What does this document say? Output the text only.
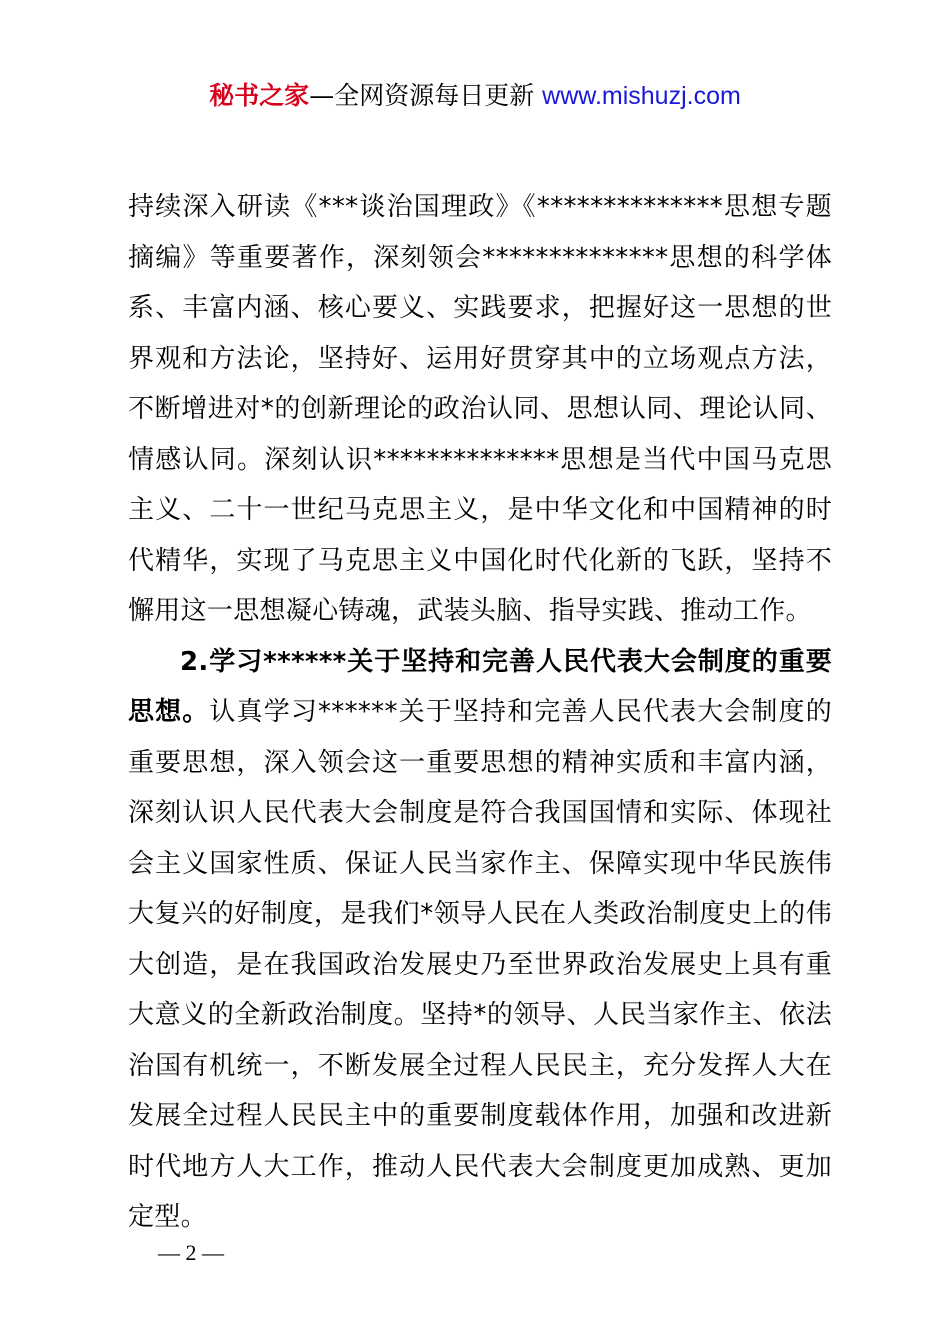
秘书之家—全网资源每日更新 www.mishuzj.com

持续深入研读《***谈治国理政》《**************思想专题摘编》等重要著作，深刻领会**************思想的科学体系、丰富内涵、核心要义、实践要求，把握好这一思想的世界观和方法论，坚持好、运用好贯穿其中的立场观点方法，不断增进对*的创新理论的政治认同、思想认同、理论认同、情感认同。深刻认识**************思想是当代中国马克思主义、二十一世纪马克思主义，是中华文化和中国精神的时代精华，实现了马克思主义中国化时代化新的飞跃，坚持不懈用这一思想凝心铸魂，武装头脑、指导实践、推动工作。

2.学习******关于坚持和完善人民代表大会制度的重要思想。认真学习******关于坚持和完善人民代表大会制度的重要思想，深入领会这一重要思想的精神实质和丰富内涵，深刻认识人民代表大会制度是符合我国国情和实际、体现社会主义国家性质、保证人民当家作主、保障实现中华民族伟大复兴的好制度，是我们*领导人民在人类政治制度史上的伟大创造，是在我国政治发展史乃至世界政治发展史上具有重大意义的全新政治制度。坚持*的领导、人民当家作主、依法治国有机统一，不断发展全过程人民民主，充分发挥人大在发展全过程人民民主中的重要制度载体作用，加强和改进新时代地方人大工作，推动人民代表大会制度更加成熟、更加定型。

— 2 —
